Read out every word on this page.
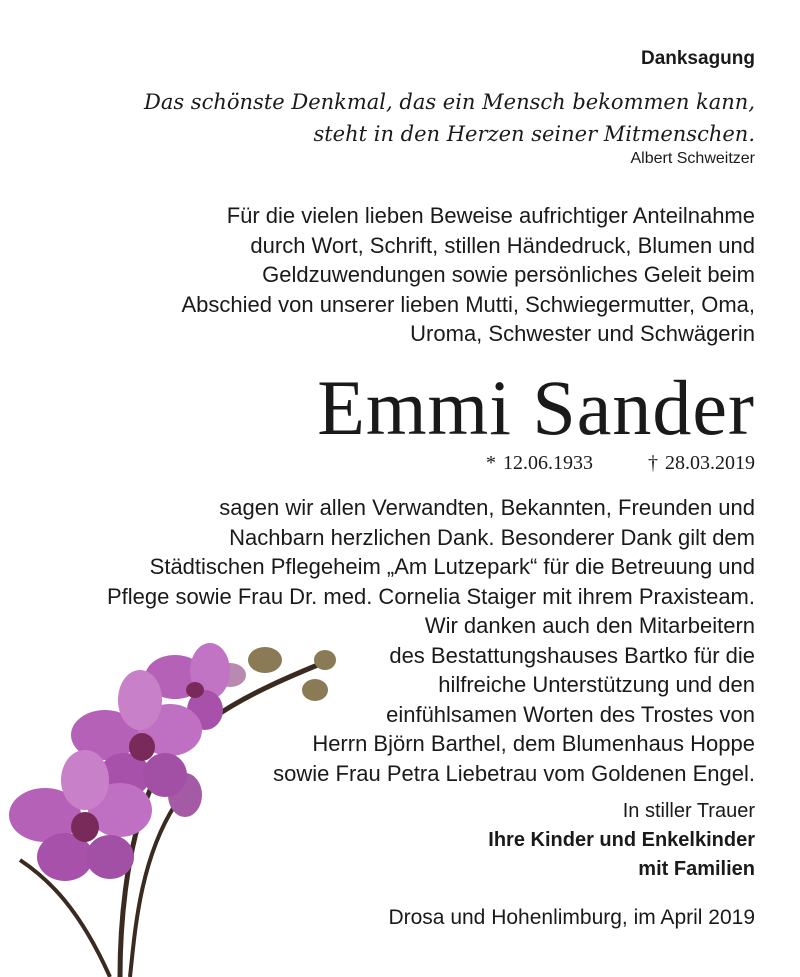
Danksagung
Das schönste Denkmal, das ein Mensch bekommen kann,
steht in den Herzen seiner Mitmenschen.
Albert Schweitzer
Für die vielen lieben Beweise aufrichtiger Anteilnahme
durch Wort, Schrift, stillen Händedruck, Blumen und
Geldzuwendungen sowie persönliches Geleit beim
Abschied von unserer lieben Mutti, Schwiegermutter, Oma,
Uroma, Schwester und Schwägerin
Emmi Sander
* 12.06.1933	† 28.03.2019
sagen wir allen Verwandten, Bekannten, Freunden und
Nachbarn herzlichen Dank. Besonderer Dank gilt dem
Städtischen Pflegeheim „Am Lutzepark“ für die Betreuung und
Pflege sowie Frau Dr. med. Cornelia Staiger mit ihrem Praxisteam.
Wir danken auch den Mitarbeitern
des Bestattungshauses Bartko für die
hilfreiche Unterstützung und den
einfühlsamen Worten des Trostes von
Herrn Björn Barthel, dem Blumenhaus Hoppe
sowie Frau Petra Liebetrau vom Goldenen Engel.
In stiller Trauer
Ihre Kinder und Enkelkinder
mit Familien
Drosa und Hohenlimburg, im April 2019
